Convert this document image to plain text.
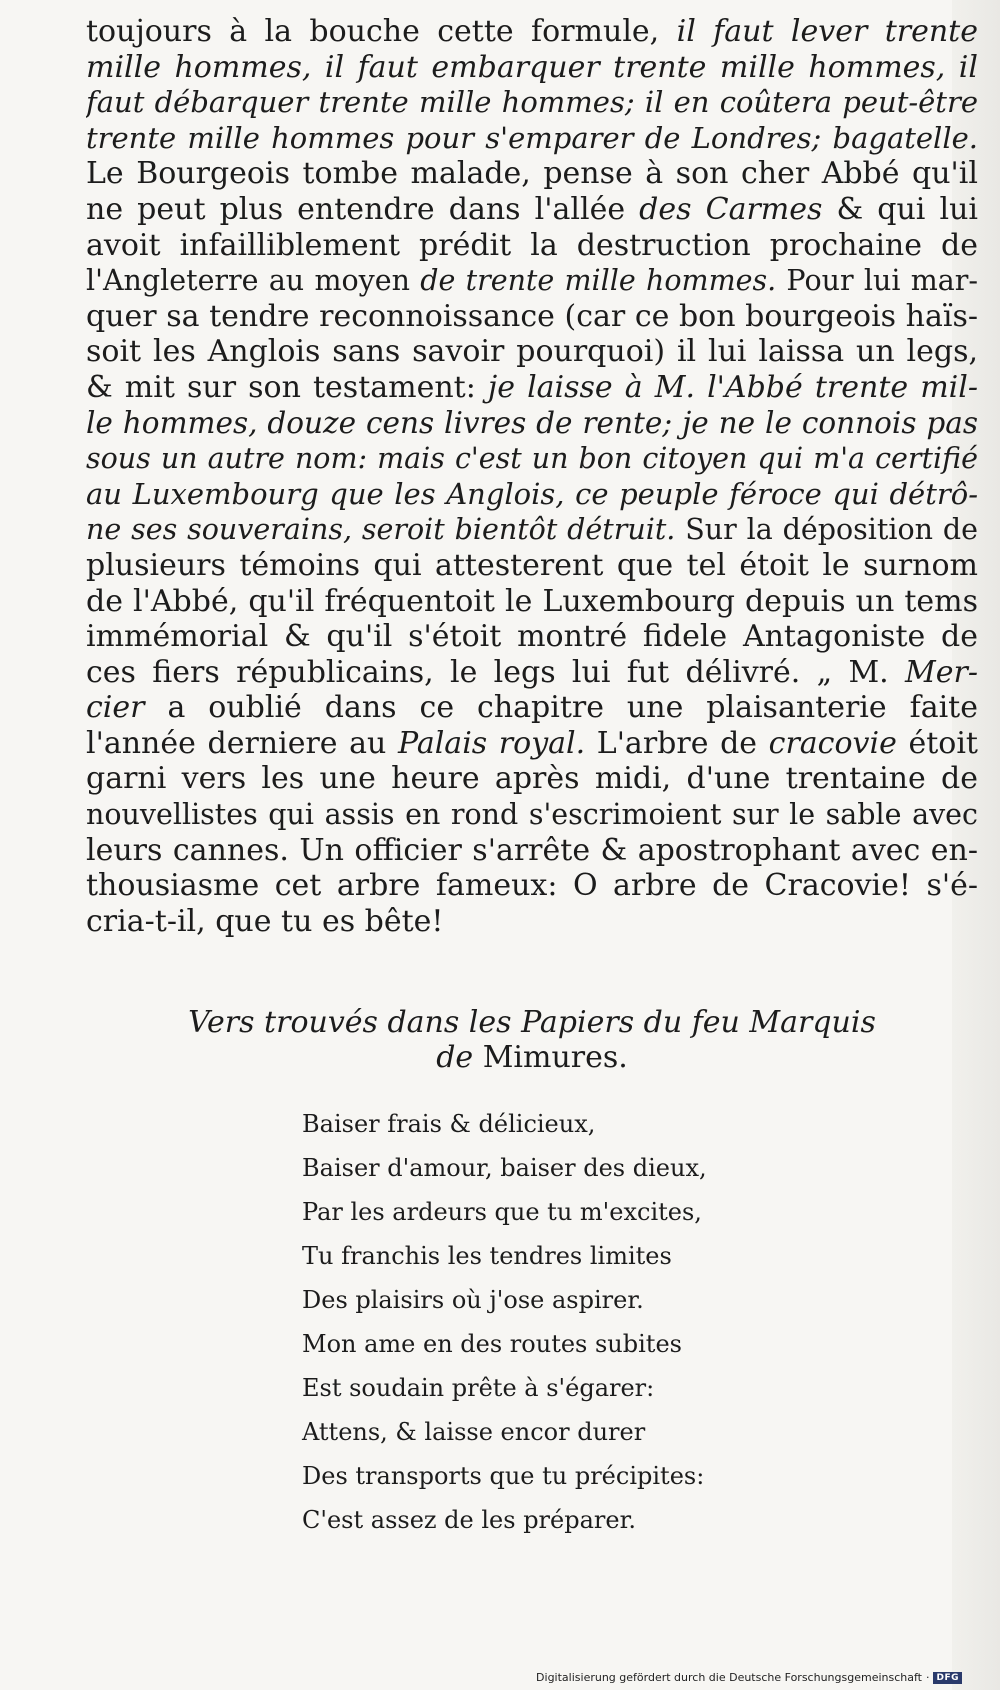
toujours à la bouche cette formule, il faut lever trente
mille hommes, il faut embarquer trente mille hommes, il
faut débarquer trente mille hommes; il en coûtera peut-être
trente mille hommes pour s'emparer de Londres; bagatelle.
Le Bourgeois tombe malade, pense à son cher Abbé qu'il
ne peut plus entendre dans l'allée des Carmes & qui lui
avoit infailliblement prédit la destruction prochaine de
l'Angleterre au moyen de trente mille hommes. Pour lui mar-
quer sa tendre reconnoissance (car ce bon bourgeois haïs-
soit les Anglois sans savoir pourquoi) il lui laissa un legs,
& mit sur son testament: je laisse à M. l'Abbé trente mil-
le hommes, douze cens livres de rente; je ne le connois pas
sous un autre nom: mais c'est un bon citoyen qui m'a certifié
au Luxembourg que les Anglois, ce peuple féroce qui détrô-
ne ses souverains, seroit bientôt détruit. Sur la déposition de
plusieurs témoins qui attesterent que tel étoit le surnom
de l'Abbé, qu'il fréquentoit le Luxembourg depuis un tems
immémorial & qu'il s'étoit montré fidele Antagoniste de
ces fiers républicains, le legs lui fut délivré. „ M. Mer-
cier a oublié dans ce chapitre une plaisanterie faite
l'année derniere au Palais royal. L'arbre de cracovie étoit
garni vers les une heure après midi, d'une trentaine de
nouvellistes qui assis en rond s'escrimoient sur le sable avec
leurs cannes. Un officier s'arrête & apostrophant avec en-
thousiasme cet arbre fameux: O arbre de Cracovie! s'é-
cria-t-il, que tu es bête!
Vers trouvés dans les Papiers du feu Marquis
de Mimures.
Baiser frais & délicieux,
Baiser d'amour, baiser des dieux,
Par les ardeurs que tu m'excites,
Tu franchis les tendres limites
Des plaisirs où j'ose aspirer.
Mon ame en des routes subites
Est soudain prête à s'égarer:
Attens, & laisse encor durer
Des transports que tu précipites:
C'est assez de les préparer.
Digitalisierung gefördert durch die Deutsche Forschungsgemeinschaft · DFG
